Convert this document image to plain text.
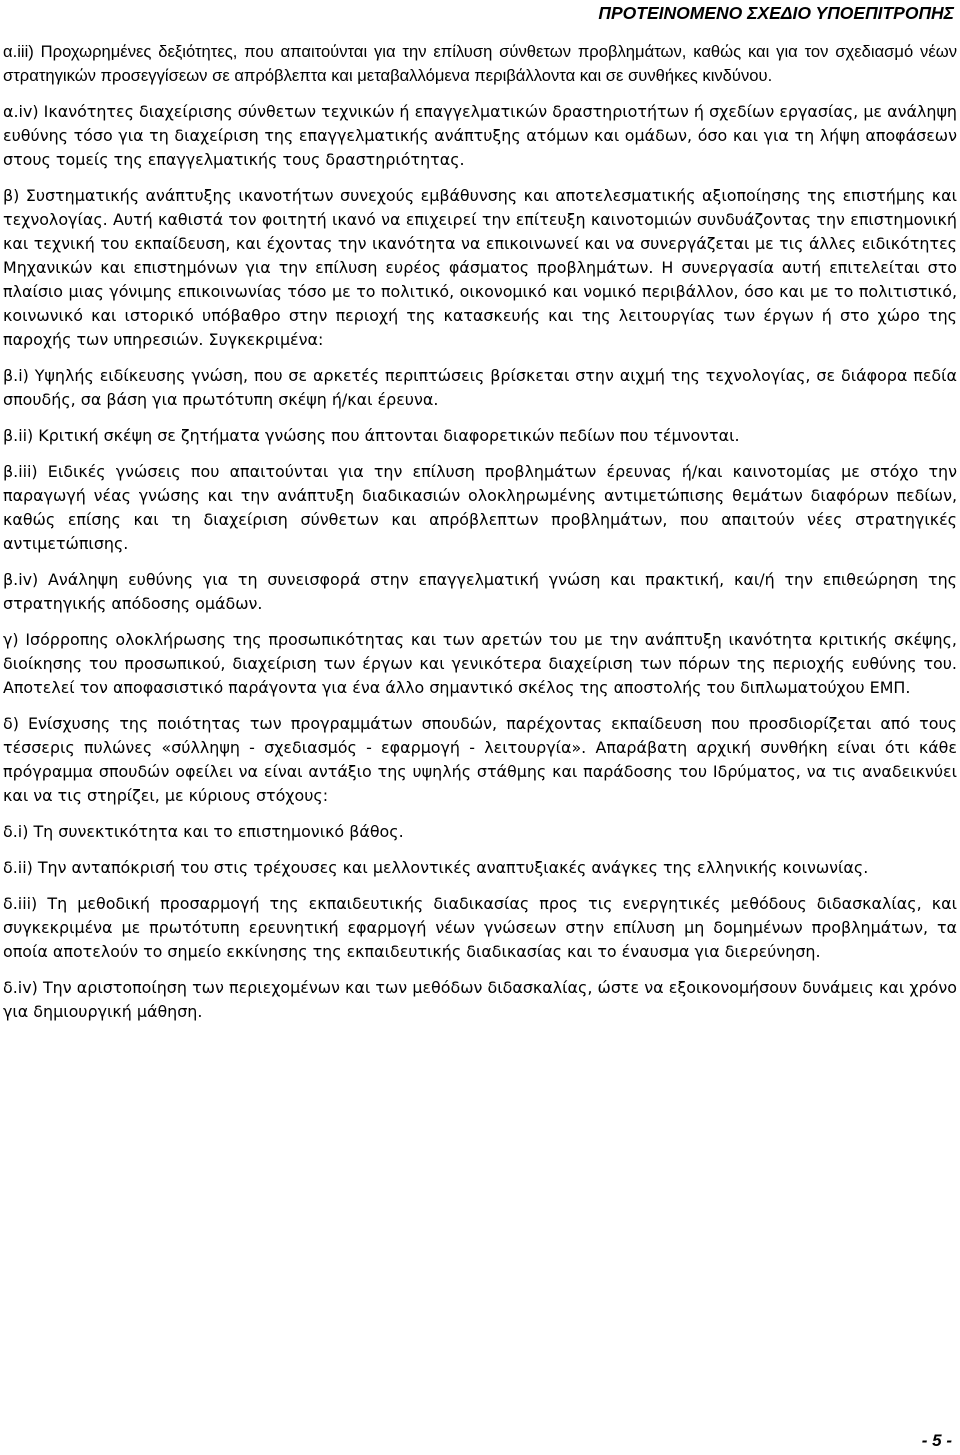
ΠΡΟΤΕΙΝΟΜΕΝΟ ΣΧΕΔΙΟ ΥΠΟΕΠΙΤΡΟΠΗΣ

α.iii) Προχωρημένες δεξιότητες, που απαιτούνται για την επίλυση σύνθετων προβλημάτων, καθώς και για τον σχεδιασμό νέων στρατηγικών προσεγγίσεων σε απρόβλεπτα και μεταβαλλόμενα περιβάλλοντα και σε συνθήκες κινδύνου.

α.iv) Ικανότητες διαχείρισης σύνθετων τεχνικών ή επαγγελματικών δραστηριοτήτων ή σχεδίων εργασίας, με ανάληψη ευθύνης τόσο για τη διαχείριση της επαγγελματικής ανάπτυξης ατόμων και ομάδων, όσο και για τη λήψη αποφάσεων στους τομείς της επαγγελματικής τους δραστηριότητας.

β) Συστηματικής ανάπτυξης ικανοτήτων συνεχούς εμβάθυνσης και αποτελεσματικής αξιοποίησης της επιστήμης και τεχνολογίας. Αυτή καθιστά τον φοιτητή ικανό να επιχειρεί την επίτευξη καινοτομιών συνδυάζοντας την επιστημονική και τεχνική του εκπαίδευση, και έχοντας την ικανότητα να επικοινωνεί και να συνεργάζεται με τις άλλες ειδικότητες Μηχανικών και επιστημόνων για την επίλυση ευρέος φάσματος προβλημάτων. Η συνεργασία αυτή επιτελείται στο πλαίσιο μιας γόνιμης επικοινωνίας τόσο με το πολιτικό, οικονομικό και νομικό περιβάλλον, όσο και με το πολιτιστικό, κοινωνικό και ιστορικό υπόβαθρο στην περιοχή της κατασκευής και της λειτουργίας των έργων ή στο χώρο της παροχής των υπηρεσιών. Συγκεκριμένα:

β.i) Υψηλής ειδίκευσης γνώση, που σε αρκετές περιπτώσεις βρίσκεται στην αιχμή της τεχνολογίας, σε διάφορα πεδία σπουδής, σα βάση για πρωτότυπη σκέψη ή/και έρευνα.

β.ii) Κριτική σκέψη σε ζητήματα γνώσης που άπτονται διαφορετικών πεδίων που τέμνονται.

β.iii) Ειδικές γνώσεις που απαιτούνται για την επίλυση προβλημάτων έρευνας ή/και καινοτομίας με στόχο την παραγωγή νέας γνώσης και την ανάπτυξη διαδικασιών ολοκληρωμένης αντιμετώπισης θεμάτων διαφόρων πεδίων, καθώς επίσης και τη διαχείριση σύνθετων και απρόβλεπτων προβλημάτων, που απαιτούν νέες στρατηγικές αντιμετώπισης.

β.iv) Ανάληψη ευθύνης για τη συνεισφορά στην επαγγελματική γνώση και πρακτική, και/ή την επιθεώρηση της στρατηγικής απόδοσης ομάδων.

γ) Ισόρροπης ολοκλήρωσης της προσωπικότητας και των αρετών του με την ανάπτυξη ικανότητα κριτικής σκέψης, διοίκησης του προσωπικού, διαχείριση των έργων και γενικότερα διαχείριση των πόρων της περιοχής ευθύνης του. Αποτελεί τον αποφασιστικό παράγοντα για ένα άλλο σημαντικό σκέλος της αποστολής του διπλωματούχου ΕΜΠ.

δ) Ενίσχυσης της ποιότητας των προγραμμάτων σπουδών, παρέχοντας εκπαίδευση που προσδιορίζεται από τους τέσσερις πυλώνες «σύλληψη - σχεδιασμός - εφαρμογή - λειτουργία». Απαράβατη αρχική συνθήκη είναι ότι κάθε πρόγραμμα σπουδών οφείλει να είναι αντάξιο της υψηλής στάθμης και παράδοσης του Ιδρύματος, να τις αναδεικνύει και να τις στηρίζει, με κύριους στόχους:

δ.i) Τη συνεκτικότητα και το επιστημονικό βάθος.

δ.ii) Την ανταπόκρισή του στις τρέχουσες και μελλοντικές αναπτυξιακές ανάγκες της ελληνικής κοινωνίας.

δ.iii) Τη μεθοδική προσαρμογή της εκπαιδευτικής διαδικασίας προς τις ενεργητικές μεθόδους διδασκαλίας, και συγκεκριμένα με πρωτότυπη ερευνητική εφαρμογή νέων γνώσεων στην επίλυση μη δομημένων προβλημάτων, τα οποία αποτελούν το σημείο εκκίνησης της εκπαιδευτικής διαδικασίας και το έναυσμα για διερεύνηση.

δ.iv) Την αριστοποίηση των περιεχομένων και των μεθόδων διδασκαλίας, ώστε να εξοικονομήσουν δυνάμεις και χρόνο για δημιουργική μάθηση.

- 5 -
